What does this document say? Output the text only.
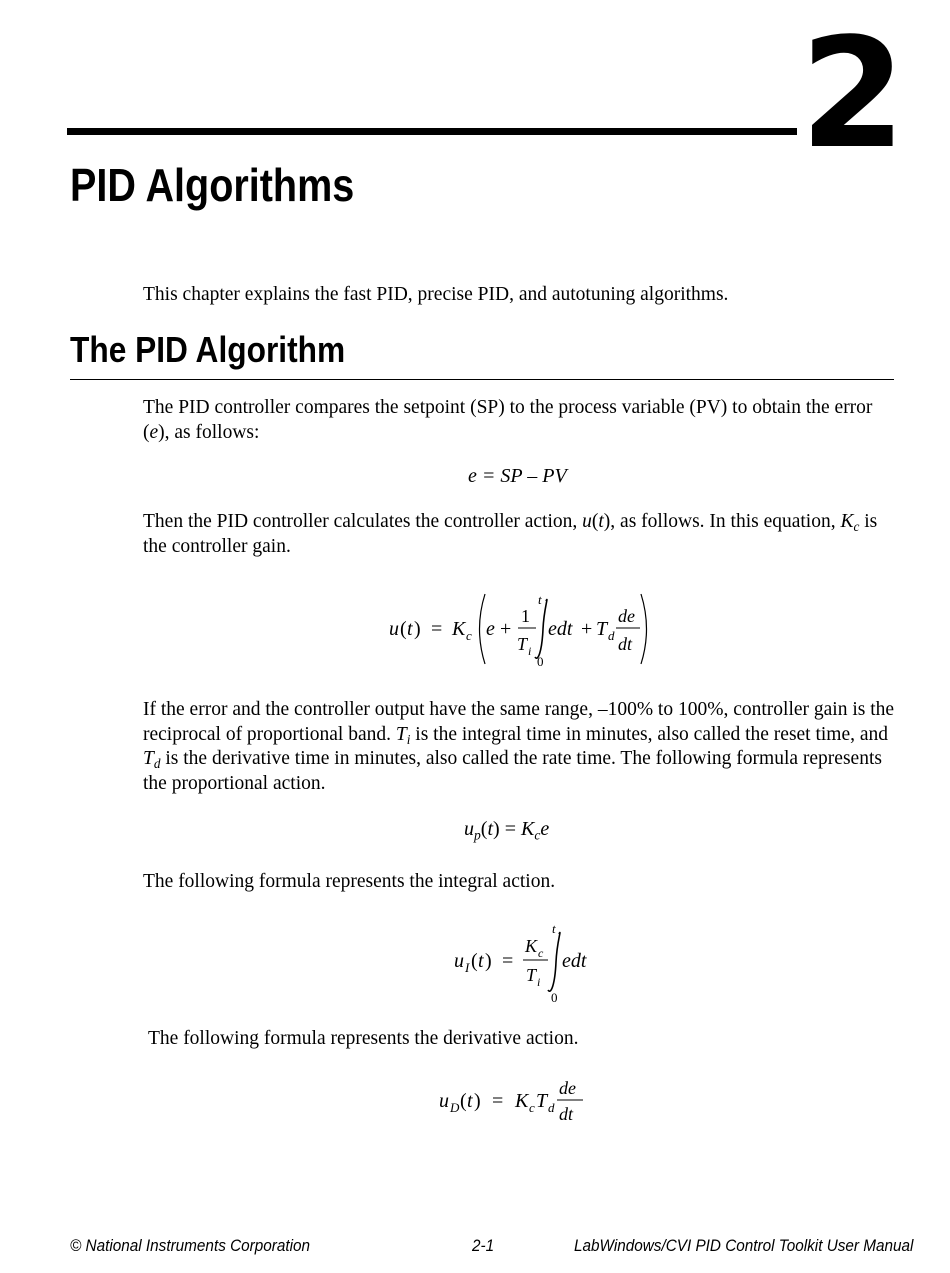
2
PID Algorithms

This chapter explains the fast PID, precise PID, and autotuning algorithms.

The PID Algorithm

The PID controller compares the setpoint (SP) to the process variable (PV) to obtain the error (e), as follows:

e = SP – PV

Then the PID controller calculates the controller action, u(t), as follows. In this equation, $K_c$ is the controller gain.

u ( t ) = K c e +
1
T i
t
0
edt + T d
de
dt

If the error and the controller output have the same range, –100% to 100%, controller gain is the reciprocal of proportional band. $T_i$ is the integral time in minutes, also called the reset time, and $T_d$ is the derivative time in minutes, also called the rate time. The following formula represents the proportional action.

$u_p(t) = K_ce$

The following formula represents the integral action.

u I ( t ) =
K c
T i
t
0
edt

The following formula represents the derivative action.

u D ( t ) = K c T d
de
dt
© National Instruments Corporation	2-1	LabWindows/CVI PID Control Toolkit User Manual
